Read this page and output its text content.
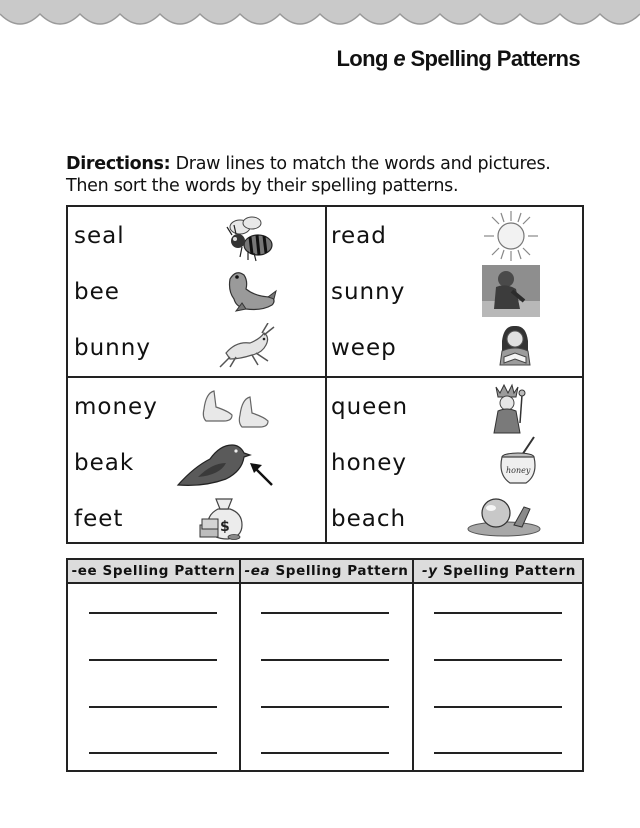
Long e Spelling Patterns
Directions: Draw lines to match the words and pictures.
Then sort the words by their spelling patterns.
seal
bee
bunny
read
sunny
weep
money
beak
feet	$
queen
honey
beach
honey
-ee Spelling Pattern -ea Spelling Pattern	-y Spelling Pattern
